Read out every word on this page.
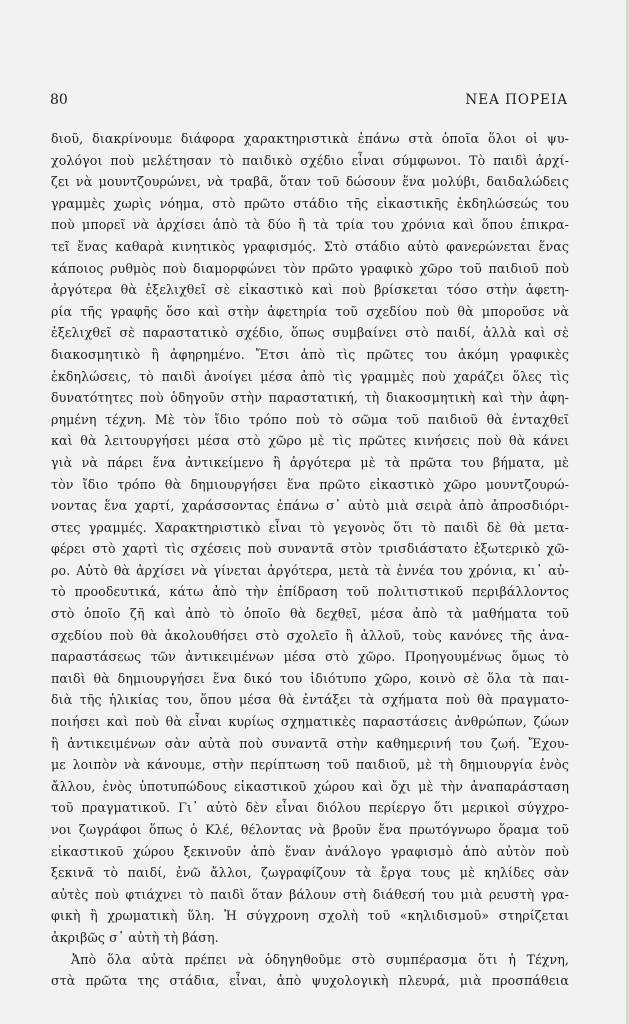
80	ΝΕΑ ΠΟΡΕΙΑ
διοῦ, διακρίνουμε διάφορα χαρακτηριστικὰ ἐπάνω στὰ ὁποῖα ὅλοι οἱ ψυ-
χολόγοι ποὺ μελέτησαν τὸ παιδικὸ σχέδιο εἶναι σύμφωνοι. Τὸ παιδὶ ἀρχί-
ζει νὰ μουντζουρώνει, νὰ τραβᾶ, ὅταν τοῦ δώσουν ἕνα μολύβι, δαιδαλώδεις
γραμμὲς χωρὶς νόημα, στὸ πρῶτο στάδιο τῆς εἰκαστικῆς ἐκδηλώσεώς του
ποὺ μπορεῖ νὰ ἀρχίσει ἀπὸ τὰ δύο ἢ τὰ τρία του χρόνια καὶ ὅπου ἐπικρα-
τεῖ ἕνας καθαρὰ κινητικὸς γραφισμός. Στὸ στάδιο αὐτὸ φανερώνεται ἕνας
κάποιος ρυθμὸς ποὺ διαμορφώνει τὸν πρῶτο γραφικὸ χῶρο τοῦ παιδιοῦ ποὺ
ἀργότερα θὰ ἐξελιχθεῖ σὲ εἰκαστικὸ καὶ ποὺ βρίσκεται τόσο στὴν ἀφετη-
ρία τῆς γραφῆς ὅσο καὶ στὴν ἀφετηρία τοῦ σχεδίου ποὺ θὰ μποροῦσε νὰ
ἐξελιχθεῖ σὲ παραστατικὸ σχέδιο, ὅπως συμβαίνει στὸ παιδί, ἀλλὰ καὶ σὲ
διακοσμητικὸ ἢ ἀφηρημένο. Ἔτσι ἀπὸ τὶς πρῶτες του ἀκόμη γραφικὲς
ἐκδηλώσεις, τὸ παιδὶ ἀνοίγει μέσα ἀπὸ τὶς γραμμὲς ποὺ χαράζει ὅλες τὶς
δυνατότητες ποὺ ὁδηγοῦν στὴν παραστατική, τὴ διακοσμητικὴ καὶ τὴν ἀφη-
ρημένη τέχνη. Μὲ τὸν ἴδιο τρόπο ποὺ τὸ σῶμα τοῦ παιδιοῦ θὰ ἐνταχθεῖ
καὶ θὰ λειτουργήσει μέσα στὸ χῶρο μὲ τὶς πρῶτες κινήσεις ποὺ θὰ κάνει
γιὰ νὰ πάρει ἕνα ἀντικείμενο ἢ ἀργότερα μὲ τὰ πρῶτα του βήματα, μὲ
τὸν ἴδιο τρόπο θὰ δημιουργήσει ἕνα πρῶτο εἰκαστικὸ χῶρο μουντζουρώ-
νοντας ἕνα χαρτί, χαράσσοντας ἐπάνω σ᾿ αὐτὸ μιὰ σειρὰ ἀπὸ ἀπροσδιόρι-
στες γραμμές. Χαρακτηριστικὸ εἶναι τὸ γεγονὸς ὅτι τὸ παιδὶ δὲ θὰ μετα-
φέρει στὸ χαρτὶ τὶς σχέσεις ποὺ συναντᾶ στὸν τρισδιάστατο ἐξωτερικὸ χῶ-
ρο. Αὐτὸ θὰ ἀρχίσει νὰ γίνεται ἀργότερα, μετὰ τὰ ἐννέα του χρόνια, κι᾿ αὐ-
τὸ προοδευτικά, κάτω ἀπὸ τὴν ἐπίδραση τοῦ πολιτιστικοῦ περιβάλλοντος
στὸ ὁποῖο ζῆ καὶ ἀπὸ τὸ ὁποῖο θὰ δεχθεῖ, μέσα ἀπὸ τὰ μαθήματα τοῦ
σχεδίου ποὺ θὰ ἀκολουθήσει στὸ σχολεῖο ἢ ἀλλοῦ, τοὺς κανόνες τῆς ἀνα-
παραστάσεως τῶν ἀντικειμένων μέσα στὸ χῶρο. Προηγουμένως ὅμως τὸ
παιδὶ θὰ δημιουργήσει ἕνα δικό του ἰδιότυπο χῶρο, κοινὸ σὲ ὅλα τὰ παι-
διὰ τῆς ἡλικίας του, ὅπου μέσα θὰ ἐντάξει τὰ σχήματα ποὺ θὰ πραγματο-
ποιήσει καὶ ποὺ θὰ εἶναι κυρίως σχηματικὲς παραστάσεις ἀνθρώπων, ζώων
ἢ ἀντικειμένων σὰν αὐτὰ ποὺ συναντᾶ στὴν καθημερινή του ζωή. Ἔχου-
με λοιπὸν νὰ κάνουμε, στὴν περίπτωση τοῦ παιδιοῦ, μὲ τὴ δημιουργία ἑνὸς
ἄλλου, ἑνὸς ὑποτυπώδους εἰκαστικοῦ χώρου καὶ ὄχι μὲ τὴν ἀναπαράσταση
τοῦ πραγματικοῦ. Γι᾿ αὐτὸ δὲν εἶναι διόλου περίεργο ὅτι μερικοὶ σύγχρο-
νοι ζωγράφοι ὅπως ὁ Κλέ, θέλοντας νὰ βροῦν ἕνα πρωτόγνωρο ὅραμα τοῦ
εἰκαστικοῦ χώρου ξεκινοῦν ἀπὸ ἕναν ἀνάλογο γραφισμὸ ἀπὸ αὐτὸν ποὺ
ξεκινᾶ τὸ παιδί, ἐνῶ ἄλλοι, ζωγραφίζουν τὰ ἔργα τους μὲ κηλίδες σὰν
αὐτὲς ποὺ φτιάχνει τὸ παιδὶ ὅταν βάλουν στὴ διάθεσή του μιὰ ρευστὴ γρα-
φικὴ ἢ χρωματικὴ ὕλη. Ἡ σύγχρονη σχολὴ τοῦ «κηλιδισμοῦ» στηρίζεται
ἀκριβῶς σ᾿ αὐτὴ τὴ βάση.
Ἀπὸ ὅλα αὐτὰ πρέπει νὰ ὁδηγηθοῦμε στὸ συμπέρασμα ὅτι ἡ Τέχνη,
στὰ πρῶτα της στάδια, εἶναι, ἀπὸ ψυχολογικὴ πλευρά, μιὰ προσπάθεια
